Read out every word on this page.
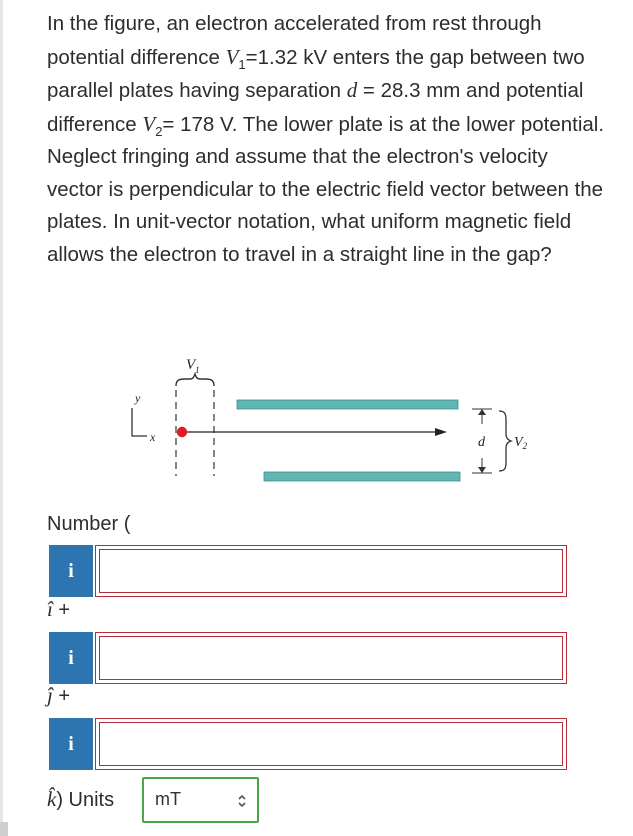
In the figure, an electron accelerated from rest through potential difference $V_1=1.32$ kV enters the gap between two parallel plates having separation d = 28.3 mm and potential difference $V_2= 178$ V. The lower plate is at the lower potential. Neglect fringing and assume that the electron's velocity vector is perpendicular to the electric field vector between the plates. In unit-vector notation, what uniform magnetic field allows the electron to travel in a straight line in the gap?

y
x
$V_1$
d $V_2$
Number (
i
î +
i
ĵ +
i
k̂) Units mT
